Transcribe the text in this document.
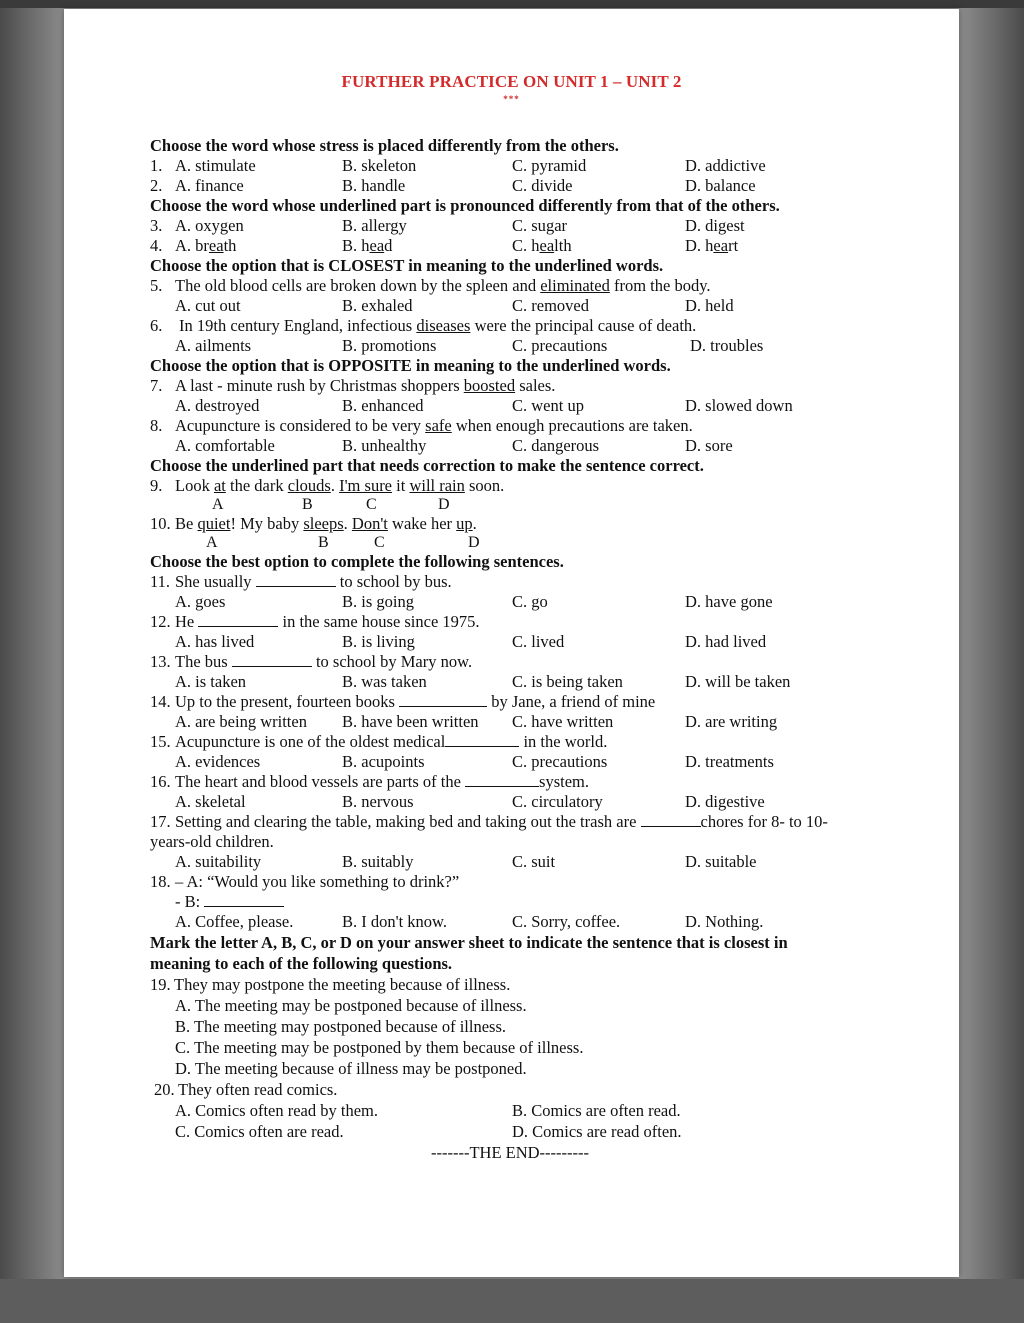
FURTHER PRACTICE ON UNIT 1 – UNIT 2
***
Choose the word whose stress is placed differently from the others.
1. A. stimulate	B. skeleton	C. pyramid	D. addictive
2. A. finance	B. handle	C. divide	D. balance
Choose the word whose underlined part is pronounced differently from that of the others.
3. A. oxygen	B. allergy	C. sugar	D. digest
4. A. breath	B. head	C. health	D. heart
Choose the option that is CLOSEST in meaning to the underlined words.
5. The old blood cells are broken down by the spleen and eliminated from the body.
A. cut out	B. exhaled	C. removed	D. held
6. In 19th century England, infectious diseases were the principal cause of death.
A. ailments	B. promotions	C. precautions	D. troubles
Choose the option that is OPPOSITE in meaning to the underlined words.
7. A last - minute rush by Christmas shoppers boosted sales.
A. destroyed	B. enhanced	C. went up	D. slowed down
8. Acupuncture is considered to be very safe when enough precautions are taken.
A. comfortable	B. unhealthy	C. dangerous	D. sore
Choose the underlined part that needs correction to make the sentence correct.
9. Look at the dark clouds. I'm sure it will rain soon.
A	B	C	D
10. Be quiet! My baby sleeps. Don't wake her up.
A	B	C	D
Choose the best option to complete the following sentences.
11. She usually	to school by bus.
A. goes	B. is going	C. go	D. have gone
12. He	in the same house since 1975.
A. has lived	B. is living	C. lived	D. had lived
13. The bus	to school by Mary now.
A. is taken	B. was taken	C. is being taken	D. will be taken
14. Up to the present, fourteen books	by Jane, a friend of mine
A. are being written B. have been written C. have written	D. are writing
15. Acupuncture is one of the oldest medical	in the world.
A. evidences	B. acupoints	C. precautions	D. treatments
16. The heart and blood vessels are parts of the	system.
A. skeletal	B. nervous	C. circulatory	D. digestive
17. Setting and clearing the table, making bed and taking out the trash are	chores for 8- to 10-
years-old children.
A. suitability	B. suitably	C. suit	D. suitable
18. – A: “Would you like something to drink?”
- B:
A. Coffee, please.	B. I don't know.	C. Sorry, coffee.	D. Nothing.
Mark the letter A, B, C, or D on your answer sheet to indicate the sentence that is closest in
meaning to each of the following questions.
19. They may postpone the meeting because of illness.
A. The meeting may be postponed because of illness.
B. The meeting may postponed because of illness.
C. The meeting may be postponed by them because of illness.
D. The meeting because of illness may be postponed.
20. They often read comics.
A. Comics often read by them.	B. Comics are often read.
C. Comics often are read.	D. Comics are read often.
-------THE END---------
